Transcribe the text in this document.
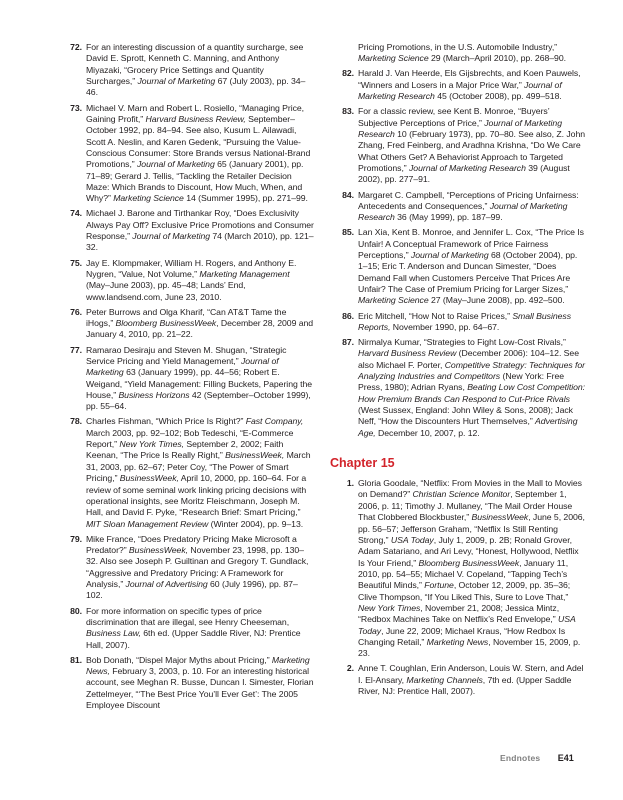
72. For an interesting discussion of a quantity surcharge, see David E. Sprott, Kenneth C. Manning, and Anthony Miyazaki, “Grocery Price Settings and Quantity Surcharges,” Journal of Marketing 67 (July 2003), pp. 34–46.
73. Michael V. Marn and Robert L. Rosiello, “Managing Price, Gaining Profit,” Harvard Business Review, September–October 1992, pp. 84–94. See also, Kusum L. Ailawadi, Scott A. Neslin, and Karen Gedenk, “Pursuing the Value-Conscious Consumer: Store Brands versus National-Brand Promotions,” Journal of Marketing 65 (January 2001), pp. 71–89; Gerard J. Tellis, “Tackling the Retailer Decision Maze: Which Brands to Discount, How Much, When, and Why?” Marketing Science 14 (Summer 1995), pp. 271–99.
74. Michael J. Barone and Tirthankar Roy, “Does Exclusivity Always Pay Off? Exclusive Price Promotions and Consumer Response,” Journal of Marketing 74 (March 2010), pp. 121–32.
75. Jay E. Klompmaker, William H. Rogers, and Anthony E. Nygren, “Value, Not Volume,” Marketing Management (May–June 2003), pp. 45–48; Lands’ End, www.landsend.com, June 23, 2010.
76. Peter Burrows and Olga Kharif, “Can AT&T Tame the iHogs,” Bloomberg BusinessWeek, December 28, 2009 and January 4, 2010, pp. 21–22.
77. Ramarao Desiraju and Steven M. Shugan, “Strategic Service Pricing and Yield Management,” Journal of Marketing 63 (January 1999), pp. 44–56; Robert E. Weigand, “Yield Management: Filling Buckets, Papering the House,” Business Horizons 42 (September–October 1999), pp. 55–64.
78. Charles Fishman, “Which Price Is Right?” Fast Company, March 2003, pp. 92–102; Bob Tedeschi, “E-Commerce Report,” New York Times, September 2, 2002; Faith Keenan, “The Price Is Really Right,” BusinessWeek, March 31, 2003, pp. 62–67; Peter Coy, “The Power of Smart Pricing,” BusinessWeek, April 10, 2000, pp. 160–64. For a review of some seminal work linking pricing decisions with operational insights, see Moritz Fleischmann, Joseph M. Hall, and David F. Pyke, “Research Brief: Smart Pricing,” MIT Sloan Management Review (Winter 2004), pp. 9–13.
79. Mike France, “Does Predatory Pricing Make Microsoft a Predator?” BusinessWeek, November 23, 1998, pp. 130–32. Also see Joseph P. Guiltinan and Gregory T. Gundlack, “Aggressive and Predatory Pricing: A Framework for Analysis,” Journal of Advertising 60 (July 1996), pp. 87–102.
80. For more information on specific types of price discrimination that are illegal, see Henry Cheeseman, Business Law, 6th ed. (Upper Saddle River, NJ: Prentice Hall, 2007).
81. Bob Donath, “Dispel Major Myths about Pricing,” Marketing News, February 3, 2003, p. 10. For an interesting historical account, see Meghan R. Busse, Duncan I. Simester, Florian Zettelmeyer, “‘The Best Price You’ll Ever Get’: The 2005 Employee Discount
Pricing Promotions, in the U.S. Automobile Industry,” Marketing Science 29 (March–April 2010), pp. 268–90.
82. Harald J. Van Heerde, Els Gijsbrechts, and Koen Pauwels, “Winners and Losers in a Major Price War,” Journal of Marketing Research 45 (October 2008), pp. 499–518.
83. For a classic review, see Kent B. Monroe, “Buyers’ Subjective Perceptions of Price,” Journal of Marketing Research 10 (February 1973), pp. 70–80. See also, Z. John Zhang, Fred Feinberg, and Aradhna Krishna, “Do We Care What Others Get? A Behaviorist Approach to Targeted Promotions,” Journal of Marketing Research 39 (August 2002), pp. 277–91.
84. Margaret C. Campbell, “Perceptions of Pricing Unfairness: Antecedents and Consequences,” Journal of Marketing Research 36 (May 1999), pp. 187–99.
85. Lan Xia, Kent B. Monroe, and Jennifer L. Cox, “The Price Is Unfair! A Conceptual Framework of Price Fairness Perceptions,” Journal of Marketing 68 (October 2004), pp. 1–15; Eric T. Anderson and Duncan Simester, “Does Demand Fall when Customers Perceive That Prices Are Unfair? The Case of Premium Pricing for Larger Sizes,” Marketing Science 27 (May–June 2008), pp. 492–500.
86. Eric Mitchell, “How Not to Raise Prices,” Small Business Reports, November 1990, pp. 64–67.
87. Nirmalya Kumar, “Strategies to Fight Low-Cost Rivals,” Harvard Business Review (December 2006): 104–12. See also Michael F. Porter, Competitive Strategy: Techniques for Analyzing Industries and Competitors (New York: Free Press, 1980); Adrian Ryans, Beating Low Cost Competition: How Premium Brands Can Respond to Cut-Price Rivals (West Sussex, England: John Wiley & Sons, 2008); Jack Neff, “How the Discounters Hurt Themselves,” Advertising Age, December 10, 2007, p. 12.
Chapter 15
1. Gloria Goodale, “Netflix: From Movies in the Mall to Movies on Demand?” Christian Science Monitor, September 1, 2006, p. 11; Timothy J. Mullaney, “The Mail Order House That Clobbered Blockbuster,” BusinessWeek, June 5, 2006, pp. 56–57; Jefferson Graham, “Netflix Is Still Renting Strong,” USA Today, July 1, 2009, p. 2B; Ronald Grover, Adam Satariano, and Ari Levy, “Honest, Hollywood, Netflix Is Your Friend,” Bloomberg BusinessWeek, January 11, 2010, pp. 54–55; Michael V. Copeland, “Tapping Tech’s Beautiful Minds,” Fortune, October 12, 2009, pp. 35–36; Clive Thompson, “If You Liked This, Sure to Love That,” New York Times, November 21, 2008; Jessica Mintz, “Redbox Machines Take on Netflix’s Red Envelope,” USA Today, June 22, 2009; Michael Kraus, “How Redbox Is Changing Retail,” Marketing News, November 15, 2009, p. 23.
2. Anne T. Coughlan, Erin Anderson, Louis W. Stern, and Adel I. El-Ansary, Marketing Channels, 7th ed. (Upper Saddle River, NJ: Prentice Hall, 2007).
Endnotes E41
